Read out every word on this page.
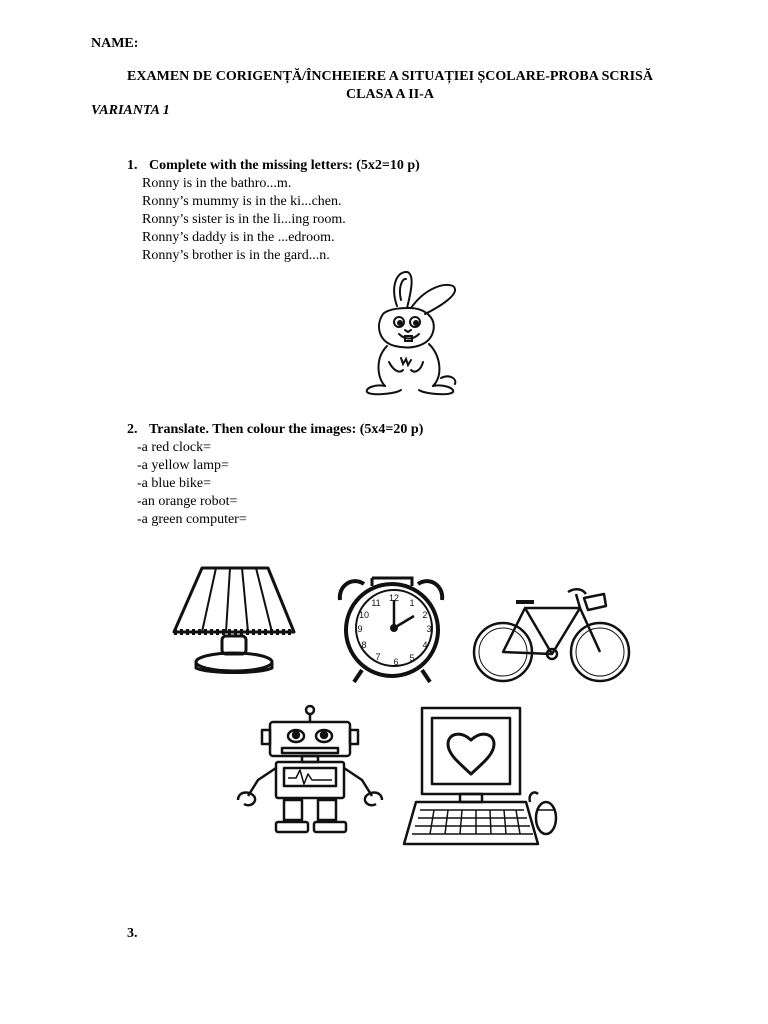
NAME:
EXAMEN DE CORIGENȚĂ/ÎNCHEIERE A SITUAȚIEI ȘCOLARE-PROBA SCRISĂ
CLASA A II-A
VARIANTA 1
1. Complete with the missing letters: (5x2=10 p)
Ronny is in the bathro...m.
Ronny’s mummy is in the ki...chen.
Ronny’s sister is in the li...ing room.
Ronny’s daddy is in the ...edroom.
Ronny’s brother is in the gard...n.
2. Translate. Then colour the images: (5x4=20 p)
-a red clock=
-a yellow lamp=
-a blue bike=
-an orange robot=
-a green computer=
12 1
2
3
4
5
6
7
8
9
10
11
3.
